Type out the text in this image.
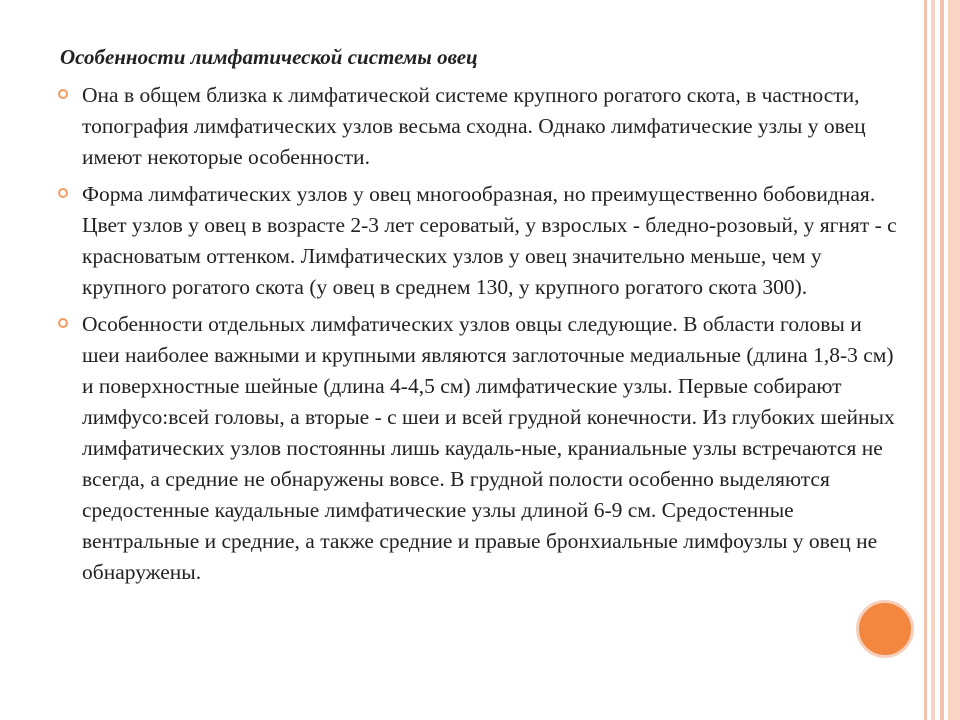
Особенности лимфатической системы овец
Она в общем близка к лимфатической системе крупного рогатого скота, в частности, топография лимфатических узлов весьма сходна. Однако лимфатические узлы у овец имеют некоторые особенности.
Форма лимфатических узлов у овец многообразная, но преимущественно бобовидная. Цвет узлов у овец в возрасте 2-3 лет сероватый, у взрослых - бледно-розовый, у ягнят - с красноватым оттенком. Лимфатических узлов у овец значительно меньше, чем у крупного рогатого скота (у овец в среднем 130, у крупного рогатого скота 300).
Особенности отдельных лимфатических узлов овцы следующие. В области головы и шеи наиболее важными и крупными являются заглоточные медиальные (длина 1,8-3 см) и поверхностные шейные (длина 4-4,5 см) лимфатические узлы. Первые собирают лимфусо:всей головы, а вторые - с шеи и всей грудной конечности. Из глубоких шейных лимфатических узлов постоянны лишь каудаль-ные, краниальные узлы встречаются не всегда, а средние не обнаружены вовсе. В грудной полости особенно выделяются средостенные каудальные лимфатические узлы длиной 6-9 см. Средостенные вентральные и средние, а также средние и правые бронхиальные лимфоузлы у овец не обнаружены.
